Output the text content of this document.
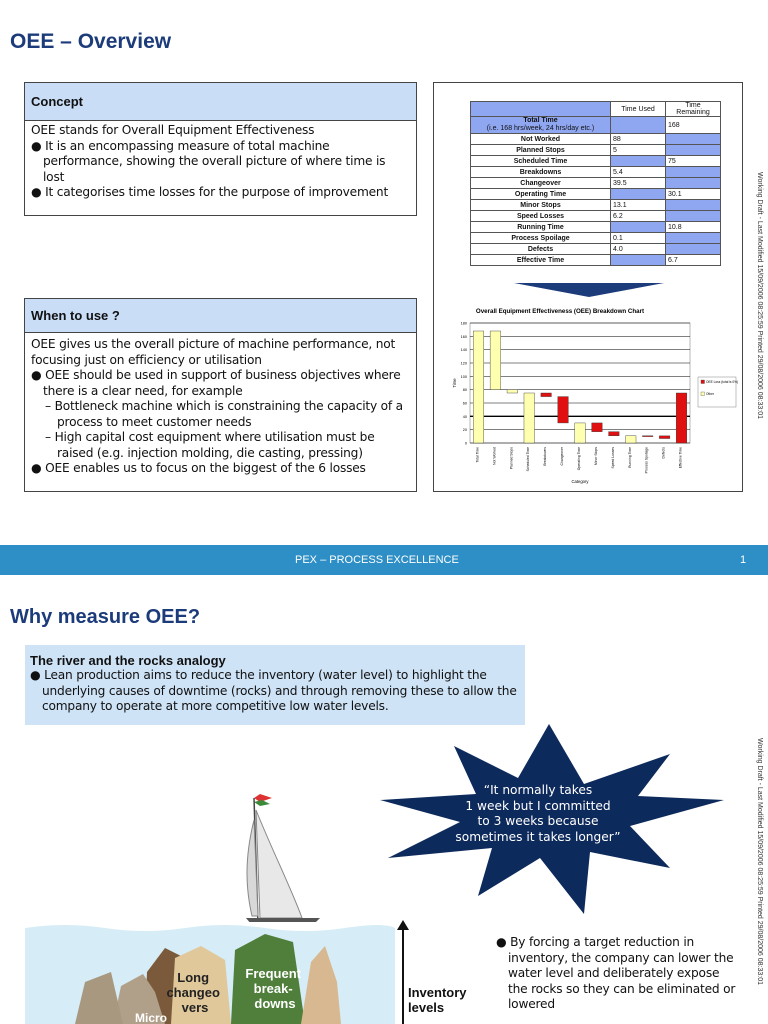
OEE – Overview
Concept
OEE stands for Overall Equipment Effectiveness
● It is an encompassing measure of total machine performance, showing the overall picture of where time is lost
● It categorises time losses for the purpose of improvement
When to use ?
OEE gives us the overall picture of machine performance, not focusing just on efficiency or utilisation
● OEE should be used in support of business objectives where there is a clear need, for example
– Bottleneck machine which is constraining the capacity of a process to meet customer needs
– High capital cost equipment where utilisation must be raised (e.g. injection molding, die casting, pressing)
● OEE enables us to focus on the biggest of the 6 losses
	Time Used	Time Remaining
Total Time
(i.e. 168 hrs/week, 24 hrs/day etc.)		168
Not Worked	88	
Planned Stops	5	
Scheduled Time		75
Breakdowns	5.4	
Changeover	39.5	
Operating Time		30.1
Minor Stops	13.1	
Speed Losses	6.2	
Running Time		10.8
Process Spoilage	0.1	
Defects	4.0	
Effective Time		6.7
Overall Equipment Effectiveness (OEE) Breakdown Chart
0
20
40
60
80
100
120
140
160
180
Time
Total Time	Not Worked	Planned Stops	Scheduled Time	Breakdowns	Changeover	Operating Time	Minor Stops	Speed Losses	Running Time	Process Spoilage	Defects	Effective Time
Category
OEE Loss (total is 0%)
Other	Working Draft - Last Modified 15/09/2006 08:25:59 Printed 29/08/2006 08:33:01
PEX – PROCESS EXCELLENCE	1
Why measure OEE?
The river and the rocks analogy
● Lean production aims to reduce the inventory (water level) to highlight the underlying causes of downtime (rocks) and through removing these to allow the company to operate at more competitive low water levels.
Working Draft - Last Modified 15/09/2006 08:25:59 Printed 29/08/2006 08:33:01
“It normally takes
1 week but I committed
to 3 weeks because
sometimes it takes longer”
Long changeo vers
Frequent break- downs
Micro
Inventory
levels
● By forcing a target reduction in inventory, the company can lower the water level and deliberately expose the rocks so they can be eliminated or lowered
